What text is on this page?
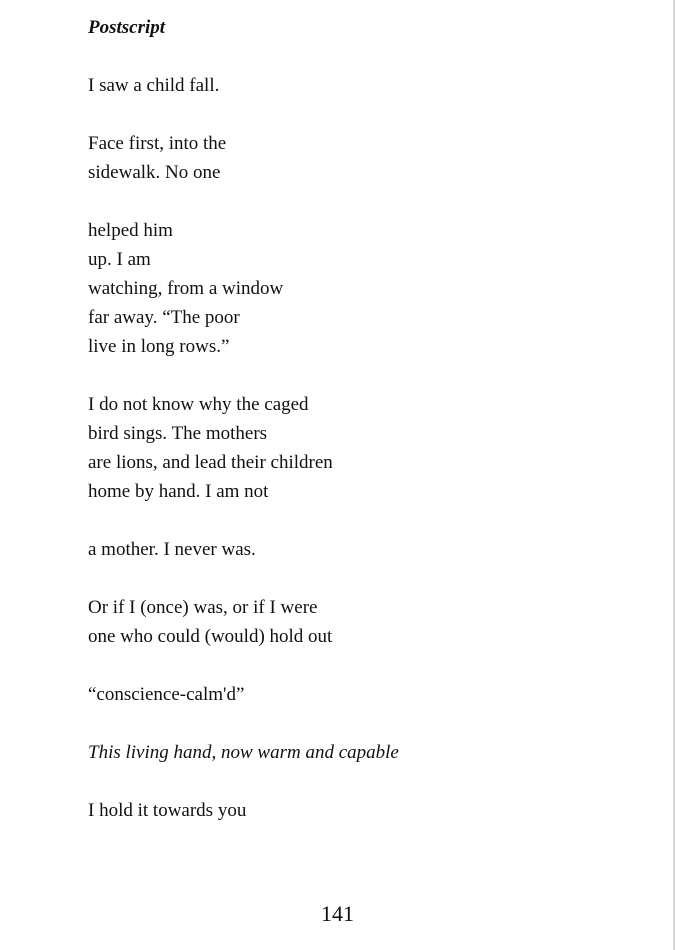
Postscript
I saw a child fall.
Face first, into the
sidewalk. No one
helped him
up. I am
watching, from a window
far away. “The poor
live in long rows.”
I do not know why the caged
bird sings. The mothers
are lions, and lead their children
home by hand. I am not
a mother. I never was.
Or if I (once) was, or if I were
one who could (would) hold out
“conscience-calm'd”
This living hand, now warm and capable
I hold it towards you
141
